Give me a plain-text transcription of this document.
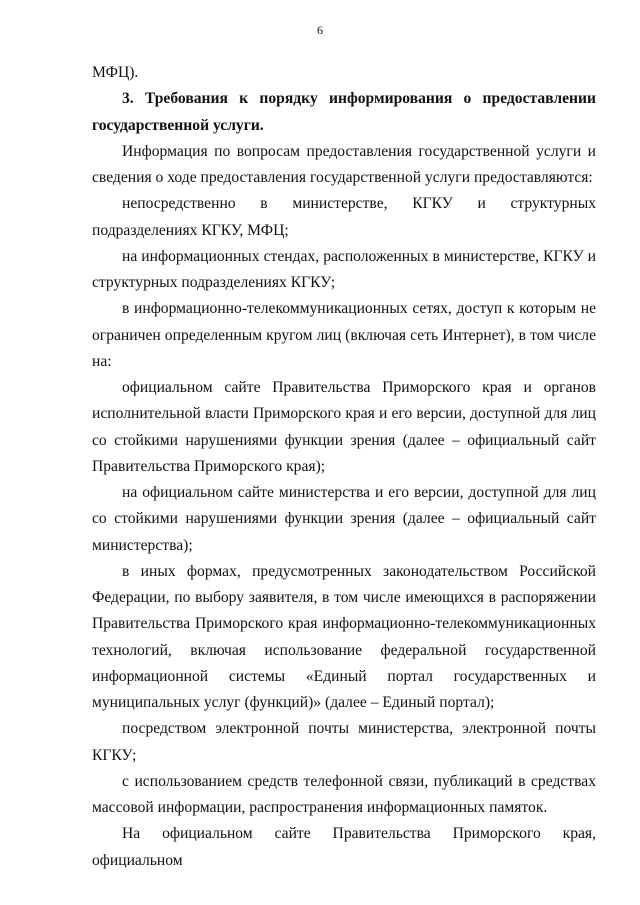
6

МФЦ).

3. Требования к порядку информирования о предоставлении государственной услуги.

Информация по вопросам предоставления государственной услуги и сведения о ходе предоставления государственной услуги предоставляются:

непосредственно в министерстве, КГКУ и структурных подразделениях КГКУ, МФЦ;

на информационных стендах, расположенных в министерстве, КГКУ и структурных подразделениях КГКУ;

в информационно-телекоммуникационных сетях, доступ к которым не ограничен определенным кругом лиц (включая сеть Интернет), в том числе на:

официальном сайте Правительства Приморского края и органов исполнительной власти Приморского края и его версии, доступной для лиц со стойкими нарушениями функции зрения (далее – официальный сайт Правительства Приморского края);

на официальном сайте министерства и его версии, доступной для лиц со стойкими нарушениями функции зрения (далее – официальный сайт министерства);

в иных формах, предусмотренных законодательством Российской Федерации, по выбору заявителя, в том числе имеющихся в распоряжении Правительства Приморского края информационно-телекоммуникационных технологий, включая использование федеральной государственной информационной системы «Единый портал государственных и муниципальных услуг (функций)» (далее – Единый портал);

посредством электронной почты министерства, электронной почты КГКУ;

с использованием средств телефонной связи, публикаций в средствах массовой информации, распространения информационных памяток.

На официальном сайте Правительства Приморского края, официальном
